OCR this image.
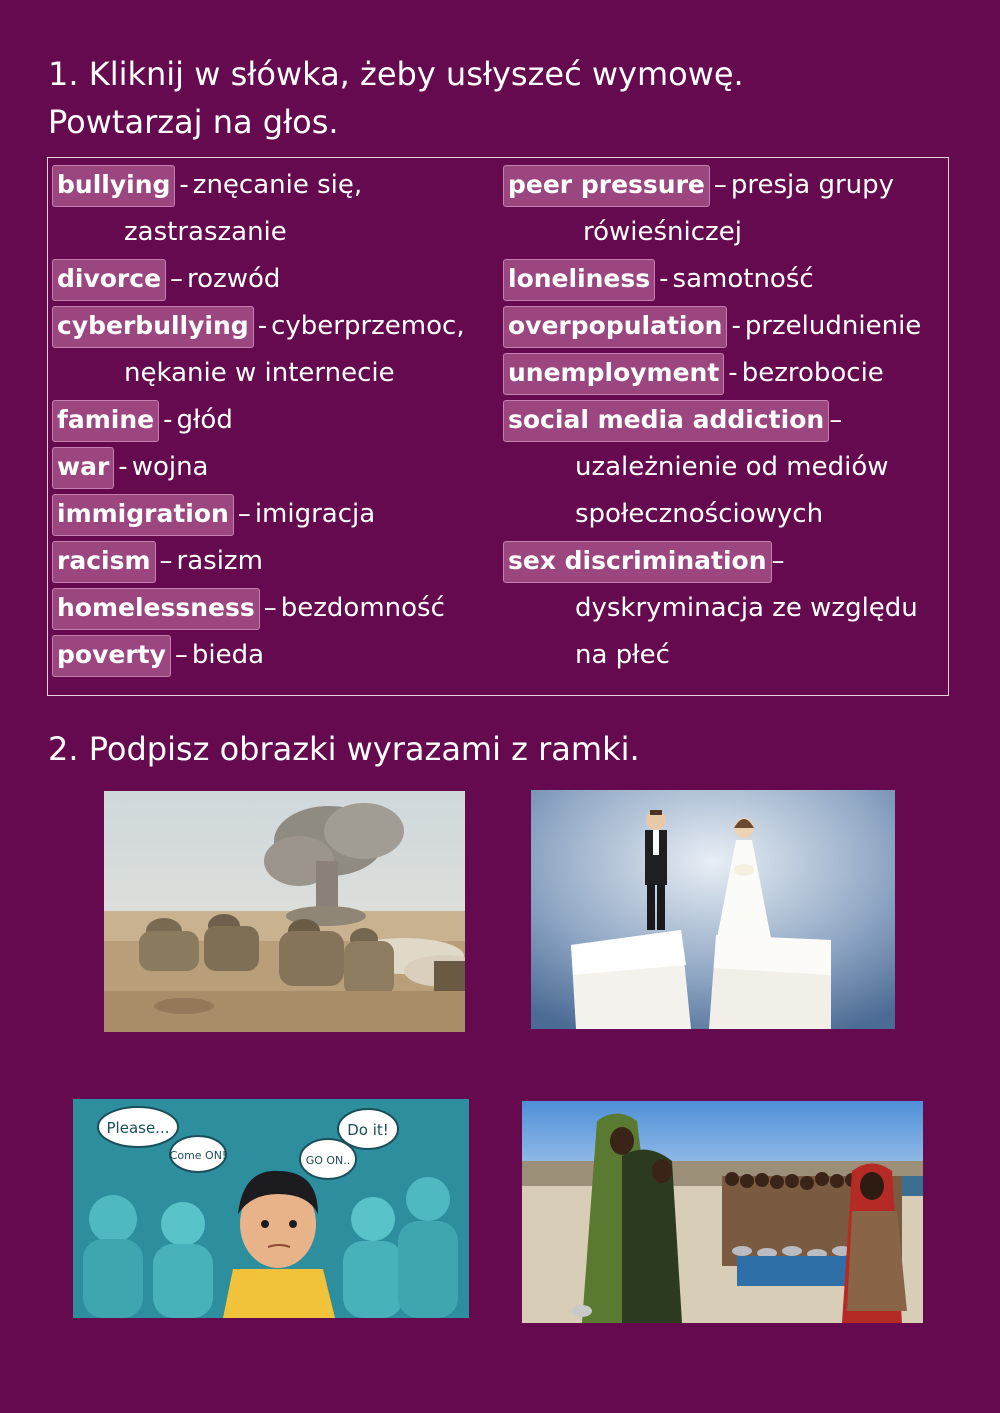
1. Kliknij w słówka, żeby usłyszeć wymowę.
Powtarzaj na głos.
bullying - znęcanie się,
zastraszanie
divorce – rozwód
cyberbullying - cyberprzemoc,
nękanie w internecie
famine - głód
war - wojna
immigration – imigracja
racism – rasizm
homelessness – bezdomność
poverty – bieda
peer pressure – presja grupy
rówieśniczej
loneliness - samotność
overpopulation - przeludnienie
unemployment - bezrobocie
social media addiction –
uzależnienie od mediów
społecznościowych
sex discrimination –
dyskryminacja ze względu
na płeć
2. Podpisz obrazki wyrazami z ramki.
Please...
Come ON!	GO ON..
Do it!
